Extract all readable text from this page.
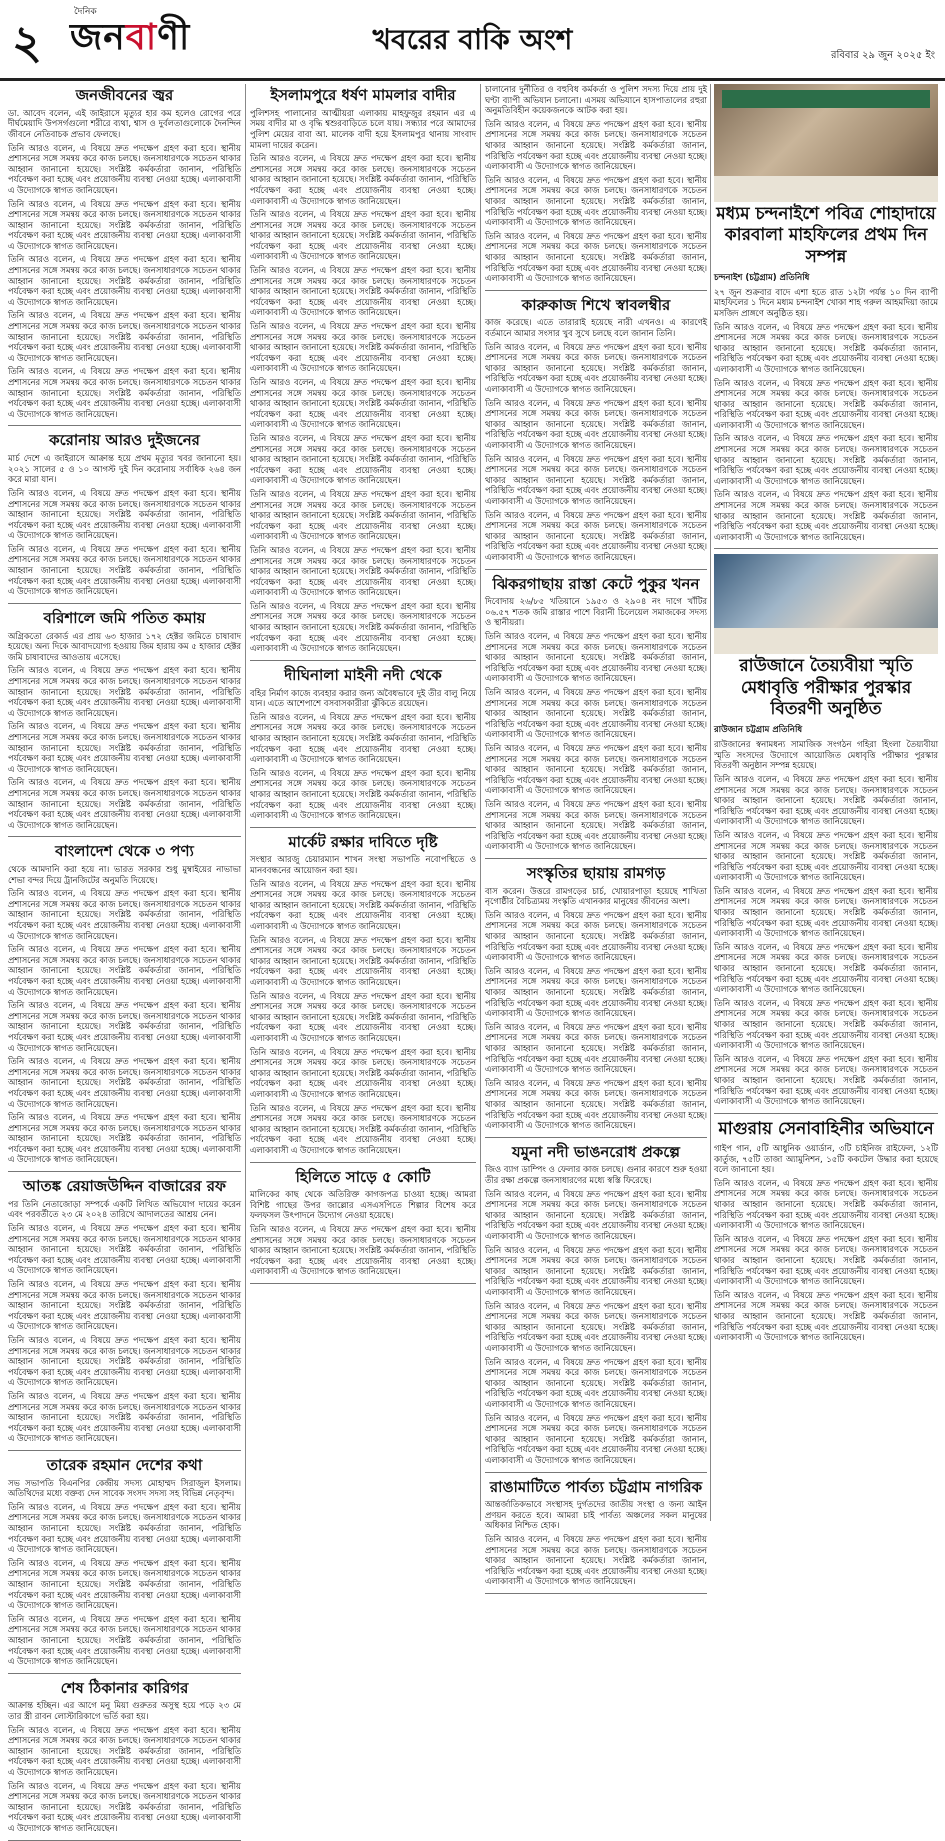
২
দৈনিক
জনবাণী	খবরের বাকি অংশ	রবিবার ২৯ জুন ২০২৫ ইং
জনজীবনের জ্বর

ডা. আবেদ বলেন, এই জাইরাসে মৃত্যুর হার কম হলেও রোগের পরে দীর্ঘমেয়াদি উপসর্গগুলো শরীরে ব্যথা, শ্বাস ও দুর্বলতাগুলোকে দৈনন্দিন জীবনে নেতিবাচক প্রভাব ফেলছে।

তিনি আরও বলেন, এ বিষয়ে দ্রুত পদক্ষেপ গ্রহণ করা হবে। স্থানীয় প্রশাসনের সঙ্গে সমন্বয় করে কাজ চলছে। জনসাধারণকে সচেতন থাকার আহ্বান জানানো হয়েছে। সংশ্লিষ্ট কর্মকর্তারা জানান, পরিস্থিতি পর্যবেক্ষণ করা হচ্ছে এবং প্রয়োজনীয় ব্যবস্থা নেওয়া হচ্ছে। এলাকাবাসী এ উদ্যোগকে স্বাগত জানিয়েছেন।

তিনি আরও বলেন, এ বিষয়ে দ্রুত পদক্ষেপ গ্রহণ করা হবে। স্থানীয় প্রশাসনের সঙ্গে সমন্বয় করে কাজ চলছে। জনসাধারণকে সচেতন থাকার আহ্বান জানানো হয়েছে। সংশ্লিষ্ট কর্মকর্তারা জানান, পরিস্থিতি পর্যবেক্ষণ করা হচ্ছে এবং প্রয়োজনীয় ব্যবস্থা নেওয়া হচ্ছে। এলাকাবাসী এ উদ্যোগকে স্বাগত জানিয়েছেন।

তিনি আরও বলেন, এ বিষয়ে দ্রুত পদক্ষেপ গ্রহণ করা হবে। স্থানীয় প্রশাসনের সঙ্গে সমন্বয় করে কাজ চলছে। জনসাধারণকে সচেতন থাকার আহ্বান জানানো হয়েছে। সংশ্লিষ্ট কর্মকর্তারা জানান, পরিস্থিতি পর্যবেক্ষণ করা হচ্ছে এবং প্রয়োজনীয় ব্যবস্থা নেওয়া হচ্ছে। এলাকাবাসী এ উদ্যোগকে স্বাগত জানিয়েছেন।

তিনি আরও বলেন, এ বিষয়ে দ্রুত পদক্ষেপ গ্রহণ করা হবে। স্থানীয় প্রশাসনের সঙ্গে সমন্বয় করে কাজ চলছে। জনসাধারণকে সচেতন থাকার আহ্বান জানানো হয়েছে। সংশ্লিষ্ট কর্মকর্তারা জানান, পরিস্থিতি পর্যবেক্ষণ করা হচ্ছে এবং প্রয়োজনীয় ব্যবস্থা নেওয়া হচ্ছে। এলাকাবাসী এ উদ্যোগকে স্বাগত জানিয়েছেন।

তিনি আরও বলেন, এ বিষয়ে দ্রুত পদক্ষেপ গ্রহণ করা হবে। স্থানীয় প্রশাসনের সঙ্গে সমন্বয় করে কাজ চলছে। জনসাধারণকে সচেতন থাকার আহ্বান জানানো হয়েছে। সংশ্লিষ্ট কর্মকর্তারা জানান, পরিস্থিতি পর্যবেক্ষণ করা হচ্ছে এবং প্রয়োজনীয় ব্যবস্থা নেওয়া হচ্ছে। এলাকাবাসী এ উদ্যোগকে স্বাগত জানিয়েছেন।

করোনায় আরও দুইজনের

মার্চ দেশে এ জাইরাসে আক্রান্ত হয়ে প্রথম মৃত্যুর খবর জানানো হয়। ২০২১ সালের ৫ ও ১০ আগস্ট দুই দিন করোনায় সর্বাধিক ২৬৪ জন করে মারা যান।

তিনি আরও বলেন, এ বিষয়ে দ্রুত পদক্ষেপ গ্রহণ করা হবে। স্থানীয় প্রশাসনের সঙ্গে সমন্বয় করে কাজ চলছে। জনসাধারণকে সচেতন থাকার আহ্বান জানানো হয়েছে। সংশ্লিষ্ট কর্মকর্তারা জানান, পরিস্থিতি পর্যবেক্ষণ করা হচ্ছে এবং প্রয়োজনীয় ব্যবস্থা নেওয়া হচ্ছে। এলাকাবাসী এ উদ্যোগকে স্বাগত জানিয়েছেন।

তিনি আরও বলেন, এ বিষয়ে দ্রুত পদক্ষেপ গ্রহণ করা হবে। স্থানীয় প্রশাসনের সঙ্গে সমন্বয় করে কাজ চলছে। জনসাধারণকে সচেতন থাকার আহ্বান জানানো হয়েছে। সংশ্লিষ্ট কর্মকর্তারা জানান, পরিস্থিতি পর্যবেক্ষণ করা হচ্ছে এবং প্রয়োজনীয় ব্যবস্থা নেওয়া হচ্ছে। এলাকাবাসী এ উদ্যোগকে স্বাগত জানিয়েছেন।

বরিশালে জমি পতিত কমায়

অগ্রিকতো রেকার্ড এর প্রায় ৬৩ হাজার ১৭২ হেক্টর জমিতে চাষাবাদ হয়েছে। অন্য দিকে আবাদযোগ্য হওয়ায় জিম হারায় কম ৫ হাজার হেক্টর জমি চাষাবাদের আওতায় এসেছে।

তিনি আরও বলেন, এ বিষয়ে দ্রুত পদক্ষেপ গ্রহণ করা হবে। স্থানীয় প্রশাসনের সঙ্গে সমন্বয় করে কাজ চলছে। জনসাধারণকে সচেতন থাকার আহ্বান জানানো হয়েছে। সংশ্লিষ্ট কর্মকর্তারা জানান, পরিস্থিতি পর্যবেক্ষণ করা হচ্ছে এবং প্রয়োজনীয় ব্যবস্থা নেওয়া হচ্ছে। এলাকাবাসী এ উদ্যোগকে স্বাগত জানিয়েছেন।

তিনি আরও বলেন, এ বিষয়ে দ্রুত পদক্ষেপ গ্রহণ করা হবে। স্থানীয় প্রশাসনের সঙ্গে সমন্বয় করে কাজ চলছে। জনসাধারণকে সচেতন থাকার আহ্বান জানানো হয়েছে। সংশ্লিষ্ট কর্মকর্তারা জানান, পরিস্থিতি পর্যবেক্ষণ করা হচ্ছে এবং প্রয়োজনীয় ব্যবস্থা নেওয়া হচ্ছে। এলাকাবাসী এ উদ্যোগকে স্বাগত জানিয়েছেন।

তিনি আরও বলেন, এ বিষয়ে দ্রুত পদক্ষেপ গ্রহণ করা হবে। স্থানীয় প্রশাসনের সঙ্গে সমন্বয় করে কাজ চলছে। জনসাধারণকে সচেতন থাকার আহ্বান জানানো হয়েছে। সংশ্লিষ্ট কর্মকর্তারা জানান, পরিস্থিতি পর্যবেক্ষণ করা হচ্ছে এবং প্রয়োজনীয় ব্যবস্থা নেওয়া হচ্ছে। এলাকাবাসী এ উদ্যোগকে স্বাগত জানিয়েছেন।

বাংলাদেশ থেকে ৩ পণ্য

থেকে আমদানি করা হয়ে না। ভারত সরকার শুধু মুম্বাইয়ের নাভাভা শেভা বন্দর দিয়ে ট্রানজিটের অনুমতি দিয়েছে।

তিনি আরও বলেন, এ বিষয়ে দ্রুত পদক্ষেপ গ্রহণ করা হবে। স্থানীয় প্রশাসনের সঙ্গে সমন্বয় করে কাজ চলছে। জনসাধারণকে সচেতন থাকার আহ্বান জানানো হয়েছে। সংশ্লিষ্ট কর্মকর্তারা জানান, পরিস্থিতি পর্যবেক্ষণ করা হচ্ছে এবং প্রয়োজনীয় ব্যবস্থা নেওয়া হচ্ছে। এলাকাবাসী এ উদ্যোগকে স্বাগত জানিয়েছেন।

তিনি আরও বলেন, এ বিষয়ে দ্রুত পদক্ষেপ গ্রহণ করা হবে। স্থানীয় প্রশাসনের সঙ্গে সমন্বয় করে কাজ চলছে। জনসাধারণকে সচেতন থাকার আহ্বান জানানো হয়েছে। সংশ্লিষ্ট কর্মকর্তারা জানান, পরিস্থিতি পর্যবেক্ষণ করা হচ্ছে এবং প্রয়োজনীয় ব্যবস্থা নেওয়া হচ্ছে। এলাকাবাসী এ উদ্যোগকে স্বাগত জানিয়েছেন।

তিনি আরও বলেন, এ বিষয়ে দ্রুত পদক্ষেপ গ্রহণ করা হবে। স্থানীয় প্রশাসনের সঙ্গে সমন্বয় করে কাজ চলছে। জনসাধারণকে সচেতন থাকার আহ্বান জানানো হয়েছে। সংশ্লিষ্ট কর্মকর্তারা জানান, পরিস্থিতি পর্যবেক্ষণ করা হচ্ছে এবং প্রয়োজনীয় ব্যবস্থা নেওয়া হচ্ছে। এলাকাবাসী এ উদ্যোগকে স্বাগত জানিয়েছেন।

তিনি আরও বলেন, এ বিষয়ে দ্রুত পদক্ষেপ গ্রহণ করা হবে। স্থানীয় প্রশাসনের সঙ্গে সমন্বয় করে কাজ চলছে। জনসাধারণকে সচেতন থাকার আহ্বান জানানো হয়েছে। সংশ্লিষ্ট কর্মকর্তারা জানান, পরিস্থিতি পর্যবেক্ষণ করা হচ্ছে এবং প্রয়োজনীয় ব্যবস্থা নেওয়া হচ্ছে। এলাকাবাসী এ উদ্যোগকে স্বাগত জানিয়েছেন।

তিনি আরও বলেন, এ বিষয়ে দ্রুত পদক্ষেপ গ্রহণ করা হবে। স্থানীয় প্রশাসনের সঙ্গে সমন্বয় করে কাজ চলছে। জনসাধারণকে সচেতন থাকার আহ্বান জানানো হয়েছে। সংশ্লিষ্ট কর্মকর্তারা জানান, পরিস্থিতি পর্যবেক্ষণ করা হচ্ছে এবং প্রয়োজনীয় ব্যবস্থা নেওয়া হচ্ছে। এলাকাবাসী এ উদ্যোগকে স্বাগত জানিয়েছেন।

আতঙ্ক রেয়াজউদ্দিন বাজারের রফ

পর তিনি নেতাজোড়া সম্পর্কে একটি লিখিত অভিযোগ দায়ের করেন এবং পরবর্তীতে ২৩ মে ২০২৪ তারিখে আদালতের আশ্রয় নেন।

তিনি আরও বলেন, এ বিষয়ে দ্রুত পদক্ষেপ গ্রহণ করা হবে। স্থানীয় প্রশাসনের সঙ্গে সমন্বয় করে কাজ চলছে। জনসাধারণকে সচেতন থাকার আহ্বান জানানো হয়েছে। সংশ্লিষ্ট কর্মকর্তারা জানান, পরিস্থিতি পর্যবেক্ষণ করা হচ্ছে এবং প্রয়োজনীয় ব্যবস্থা নেওয়া হচ্ছে। এলাকাবাসী এ উদ্যোগকে স্বাগত জানিয়েছেন।

তিনি আরও বলেন, এ বিষয়ে দ্রুত পদক্ষেপ গ্রহণ করা হবে। স্থানীয় প্রশাসনের সঙ্গে সমন্বয় করে কাজ চলছে। জনসাধারণকে সচেতন থাকার আহ্বান জানানো হয়েছে। সংশ্লিষ্ট কর্মকর্তারা জানান, পরিস্থিতি পর্যবেক্ষণ করা হচ্ছে এবং প্রয়োজনীয় ব্যবস্থা নেওয়া হচ্ছে। এলাকাবাসী এ উদ্যোগকে স্বাগত জানিয়েছেন।

তিনি আরও বলেন, এ বিষয়ে দ্রুত পদক্ষেপ গ্রহণ করা হবে। স্থানীয় প্রশাসনের সঙ্গে সমন্বয় করে কাজ চলছে। জনসাধারণকে সচেতন থাকার আহ্বান জানানো হয়েছে। সংশ্লিষ্ট কর্মকর্তারা জানান, পরিস্থিতি পর্যবেক্ষণ করা হচ্ছে এবং প্রয়োজনীয় ব্যবস্থা নেওয়া হচ্ছে। এলাকাবাসী এ উদ্যোগকে স্বাগত জানিয়েছেন।

তিনি আরও বলেন, এ বিষয়ে দ্রুত পদক্ষেপ গ্রহণ করা হবে। স্থানীয় প্রশাসনের সঙ্গে সমন্বয় করে কাজ চলছে। জনসাধারণকে সচেতন থাকার আহ্বান জানানো হয়েছে। সংশ্লিষ্ট কর্মকর্তারা জানান, পরিস্থিতি পর্যবেক্ষণ করা হচ্ছে এবং প্রয়োজনীয় ব্যবস্থা নেওয়া হচ্ছে। এলাকাবাসী এ উদ্যোগকে স্বাগত জানিয়েছেন।

তারেক রহমান দেশের কথা

সভ সভাপতি বিএনপির কেন্দ্রীয় সদস্য মোহাম্মদ সিরাজুল ইসলাম। অতিথিদের মধ্যে বক্তব্য দেন সাবেক সংসদ সদস্য সহ বিভিন্ন নেতৃবৃন্দ।

তিনি আরও বলেন, এ বিষয়ে দ্রুত পদক্ষেপ গ্রহণ করা হবে। স্থানীয় প্রশাসনের সঙ্গে সমন্বয় করে কাজ চলছে। জনসাধারণকে সচেতন থাকার আহ্বান জানানো হয়েছে। সংশ্লিষ্ট কর্মকর্তারা জানান, পরিস্থিতি পর্যবেক্ষণ করা হচ্ছে এবং প্রয়োজনীয় ব্যবস্থা নেওয়া হচ্ছে। এলাকাবাসী এ উদ্যোগকে স্বাগত জানিয়েছেন।

তিনি আরও বলেন, এ বিষয়ে দ্রুত পদক্ষেপ গ্রহণ করা হবে। স্থানীয় প্রশাসনের সঙ্গে সমন্বয় করে কাজ চলছে। জনসাধারণকে সচেতন থাকার আহ্বান জানানো হয়েছে। সংশ্লিষ্ট কর্মকর্তারা জানান, পরিস্থিতি পর্যবেক্ষণ করা হচ্ছে এবং প্রয়োজনীয় ব্যবস্থা নেওয়া হচ্ছে। এলাকাবাসী এ উদ্যোগকে স্বাগত জানিয়েছেন।

তিনি আরও বলেন, এ বিষয়ে দ্রুত পদক্ষেপ গ্রহণ করা হবে। স্থানীয় প্রশাসনের সঙ্গে সমন্বয় করে কাজ চলছে। জনসাধারণকে সচেতন থাকার আহ্বান জানানো হয়েছে। সংশ্লিষ্ট কর্মকর্তারা জানান, পরিস্থিতি পর্যবেক্ষণ করা হচ্ছে এবং প্রয়োজনীয় ব্যবস্থা নেওয়া হচ্ছে। এলাকাবাসী এ উদ্যোগকে স্বাগত জানিয়েছেন।

শেষ ঠিকানার কারিগর

আক্রান্ত হচ্ছিন। এর আগে মনু মিয়া গুরুতর অসুস্থ হয়ে পড়ে ২৩ মে তার স্ত্রী রাবন লোস্টারিকাগে ভর্তি করা হয়।

তিনি আরও বলেন, এ বিষয়ে দ্রুত পদক্ষেপ গ্রহণ করা হবে। স্থানীয় প্রশাসনের সঙ্গে সমন্বয় করে কাজ চলছে। জনসাধারণকে সচেতন থাকার আহ্বান জানানো হয়েছে। সংশ্লিষ্ট কর্মকর্তারা জানান, পরিস্থিতি পর্যবেক্ষণ করা হচ্ছে এবং প্রয়োজনীয় ব্যবস্থা নেওয়া হচ্ছে। এলাকাবাসী এ উদ্যোগকে স্বাগত জানিয়েছেন।

তিনি আরও বলেন, এ বিষয়ে দ্রুত পদক্ষেপ গ্রহণ করা হবে। স্থানীয় প্রশাসনের সঙ্গে সমন্বয় করে কাজ চলছে। জনসাধারণকে সচেতন থাকার আহ্বান জানানো হয়েছে। সংশ্লিষ্ট কর্মকর্তারা জানান, পরিস্থিতি পর্যবেক্ষণ করা হচ্ছে এবং প্রয়োজনীয় ব্যবস্থা নেওয়া হচ্ছে। এলাকাবাসী এ উদ্যোগকে স্বাগত জানিয়েছেন।

ইসলামপুরে ধর্ষণ মামলার বাদীর

পুলিশসহ পালানোর আত্মীয়রা এলাকায় মাহফুজুর রহমান এর এ সময় বাদীর মা ও বৃদ্ধি শ্বশুরবাড়িতে চলে যায়। সন্ধ্যার পরে আমাদের পুলিশ মেয়ের বাবা আ. মালেক বাদী হয়ে ইসলামপুর থানায় সাংবাদ মামলা দায়ের করেন।

তিনি আরও বলেন, এ বিষয়ে দ্রুত পদক্ষেপ গ্রহণ করা হবে। স্থানীয় প্রশাসনের সঙ্গে সমন্বয় করে কাজ চলছে। জনসাধারণকে সচেতন থাকার আহ্বান জানানো হয়েছে। সংশ্লিষ্ট কর্মকর্তারা জানান, পরিস্থিতি পর্যবেক্ষণ করা হচ্ছে এবং প্রয়োজনীয় ব্যবস্থা নেওয়া হচ্ছে। এলাকাবাসী এ উদ্যোগকে স্বাগত জানিয়েছেন।

তিনি আরও বলেন, এ বিষয়ে দ্রুত পদক্ষেপ গ্রহণ করা হবে। স্থানীয় প্রশাসনের সঙ্গে সমন্বয় করে কাজ চলছে। জনসাধারণকে সচেতন থাকার আহ্বান জানানো হয়েছে। সংশ্লিষ্ট কর্মকর্তারা জানান, পরিস্থিতি পর্যবেক্ষণ করা হচ্ছে এবং প্রয়োজনীয় ব্যবস্থা নেওয়া হচ্ছে। এলাকাবাসী এ উদ্যোগকে স্বাগত জানিয়েছেন।

তিনি আরও বলেন, এ বিষয়ে দ্রুত পদক্ষেপ গ্রহণ করা হবে। স্থানীয় প্রশাসনের সঙ্গে সমন্বয় করে কাজ চলছে। জনসাধারণকে সচেতন থাকার আহ্বান জানানো হয়েছে। সংশ্লিষ্ট কর্মকর্তারা জানান, পরিস্থিতি পর্যবেক্ষণ করা হচ্ছে এবং প্রয়োজনীয় ব্যবস্থা নেওয়া হচ্ছে। এলাকাবাসী এ উদ্যোগকে স্বাগত জানিয়েছেন।

তিনি আরও বলেন, এ বিষয়ে দ্রুত পদক্ষেপ গ্রহণ করা হবে। স্থানীয় প্রশাসনের সঙ্গে সমন্বয় করে কাজ চলছে। জনসাধারণকে সচেতন থাকার আহ্বান জানানো হয়েছে। সংশ্লিষ্ট কর্মকর্তারা জানান, পরিস্থিতি পর্যবেক্ষণ করা হচ্ছে এবং প্রয়োজনীয় ব্যবস্থা নেওয়া হচ্ছে। এলাকাবাসী এ উদ্যোগকে স্বাগত জানিয়েছেন।

তিনি আরও বলেন, এ বিষয়ে দ্রুত পদক্ষেপ গ্রহণ করা হবে। স্থানীয় প্রশাসনের সঙ্গে সমন্বয় করে কাজ চলছে। জনসাধারণকে সচেতন থাকার আহ্বান জানানো হয়েছে। সংশ্লিষ্ট কর্মকর্তারা জানান, পরিস্থিতি পর্যবেক্ষণ করা হচ্ছে এবং প্রয়োজনীয় ব্যবস্থা নেওয়া হচ্ছে। এলাকাবাসী এ উদ্যোগকে স্বাগত জানিয়েছেন।

তিনি আরও বলেন, এ বিষয়ে দ্রুত পদক্ষেপ গ্রহণ করা হবে। স্থানীয় প্রশাসনের সঙ্গে সমন্বয় করে কাজ চলছে। জনসাধারণকে সচেতন থাকার আহ্বান জানানো হয়েছে। সংশ্লিষ্ট কর্মকর্তারা জানান, পরিস্থিতি পর্যবেক্ষণ করা হচ্ছে এবং প্রয়োজনীয় ব্যবস্থা নেওয়া হচ্ছে। এলাকাবাসী এ উদ্যোগকে স্বাগত জানিয়েছেন।

তিনি আরও বলেন, এ বিষয়ে দ্রুত পদক্ষেপ গ্রহণ করা হবে। স্থানীয় প্রশাসনের সঙ্গে সমন্বয় করে কাজ চলছে। জনসাধারণকে সচেতন থাকার আহ্বান জানানো হয়েছে। সংশ্লিষ্ট কর্মকর্তারা জানান, পরিস্থিতি পর্যবেক্ষণ করা হচ্ছে এবং প্রয়োজনীয় ব্যবস্থা নেওয়া হচ্ছে। এলাকাবাসী এ উদ্যোগকে স্বাগত জানিয়েছেন।

তিনি আরও বলেন, এ বিষয়ে দ্রুত পদক্ষেপ গ্রহণ করা হবে। স্থানীয় প্রশাসনের সঙ্গে সমন্বয় করে কাজ চলছে। জনসাধারণকে সচেতন থাকার আহ্বান জানানো হয়েছে। সংশ্লিষ্ট কর্মকর্তারা জানান, পরিস্থিতি পর্যবেক্ষণ করা হচ্ছে এবং প্রয়োজনীয় ব্যবস্থা নেওয়া হচ্ছে। এলাকাবাসী এ উদ্যোগকে স্বাগত জানিয়েছেন।

তিনি আরও বলেন, এ বিষয়ে দ্রুত পদক্ষেপ গ্রহণ করা হবে। স্থানীয় প্রশাসনের সঙ্গে সমন্বয় করে কাজ চলছে। জনসাধারণকে সচেতন থাকার আহ্বান জানানো হয়েছে। সংশ্লিষ্ট কর্মকর্তারা জানান, পরিস্থিতি পর্যবেক্ষণ করা হচ্ছে এবং প্রয়োজনীয় ব্যবস্থা নেওয়া হচ্ছে। এলাকাবাসী এ উদ্যোগকে স্বাগত জানিয়েছেন।

দীঘিনালা মাইনী নদী থেকে

বহির নির্মাণ কাজে ব্যবহার করার জন্য অবৈধভাবে দুই তীর বালু নিয়ে যান। এতে আশেপাশে বসবাসকারীরা ঝুঁকিতে রয়েছেন।

তিনি আরও বলেন, এ বিষয়ে দ্রুত পদক্ষেপ গ্রহণ করা হবে। স্থানীয় প্রশাসনের সঙ্গে সমন্বয় করে কাজ চলছে। জনসাধারণকে সচেতন থাকার আহ্বান জানানো হয়েছে। সংশ্লিষ্ট কর্মকর্তারা জানান, পরিস্থিতি পর্যবেক্ষণ করা হচ্ছে এবং প্রয়োজনীয় ব্যবস্থা নেওয়া হচ্ছে। এলাকাবাসী এ উদ্যোগকে স্বাগত জানিয়েছেন।

তিনি আরও বলেন, এ বিষয়ে দ্রুত পদক্ষেপ গ্রহণ করা হবে। স্থানীয় প্রশাসনের সঙ্গে সমন্বয় করে কাজ চলছে। জনসাধারণকে সচেতন থাকার আহ্বান জানানো হয়েছে। সংশ্লিষ্ট কর্মকর্তারা জানান, পরিস্থিতি পর্যবেক্ষণ করা হচ্ছে এবং প্রয়োজনীয় ব্যবস্থা নেওয়া হচ্ছে। এলাকাবাসী এ উদ্যোগকে স্বাগত জানিয়েছেন।

মার্কেট রক্ষার দাবিতে দৃষ্টি

সংস্থার আরজু চেয়ারম্যান শাখন সংস্থা সভাপতি নবোপস্থিতে ও মানববন্ধনের আয়োজন করা হয়।

তিনি আরও বলেন, এ বিষয়ে দ্রুত পদক্ষেপ গ্রহণ করা হবে। স্থানীয় প্রশাসনের সঙ্গে সমন্বয় করে কাজ চলছে। জনসাধারণকে সচেতন থাকার আহ্বান জানানো হয়েছে। সংশ্লিষ্ট কর্মকর্তারা জানান, পরিস্থিতি পর্যবেক্ষণ করা হচ্ছে এবং প্রয়োজনীয় ব্যবস্থা নেওয়া হচ্ছে। এলাকাবাসী এ উদ্যোগকে স্বাগত জানিয়েছেন।

তিনি আরও বলেন, এ বিষয়ে দ্রুত পদক্ষেপ গ্রহণ করা হবে। স্থানীয় প্রশাসনের সঙ্গে সমন্বয় করে কাজ চলছে। জনসাধারণকে সচেতন থাকার আহ্বান জানানো হয়েছে। সংশ্লিষ্ট কর্মকর্তারা জানান, পরিস্থিতি পর্যবেক্ষণ করা হচ্ছে এবং প্রয়োজনীয় ব্যবস্থা নেওয়া হচ্ছে। এলাকাবাসী এ উদ্যোগকে স্বাগত জানিয়েছেন।

তিনি আরও বলেন, এ বিষয়ে দ্রুত পদক্ষেপ গ্রহণ করা হবে। স্থানীয় প্রশাসনের সঙ্গে সমন্বয় করে কাজ চলছে। জনসাধারণকে সচেতন থাকার আহ্বান জানানো হয়েছে। সংশ্লিষ্ট কর্মকর্তারা জানান, পরিস্থিতি পর্যবেক্ষণ করা হচ্ছে এবং প্রয়োজনীয় ব্যবস্থা নেওয়া হচ্ছে। এলাকাবাসী এ উদ্যোগকে স্বাগত জানিয়েছেন।

তিনি আরও বলেন, এ বিষয়ে দ্রুত পদক্ষেপ গ্রহণ করা হবে। স্থানীয় প্রশাসনের সঙ্গে সমন্বয় করে কাজ চলছে। জনসাধারণকে সচেতন থাকার আহ্বান জানানো হয়েছে। সংশ্লিষ্ট কর্মকর্তারা জানান, পরিস্থিতি পর্যবেক্ষণ করা হচ্ছে এবং প্রয়োজনীয় ব্যবস্থা নেওয়া হচ্ছে। এলাকাবাসী এ উদ্যোগকে স্বাগত জানিয়েছেন।

তিনি আরও বলেন, এ বিষয়ে দ্রুত পদক্ষেপ গ্রহণ করা হবে। স্থানীয় প্রশাসনের সঙ্গে সমন্বয় করে কাজ চলছে। জনসাধারণকে সচেতন থাকার আহ্বান জানানো হয়েছে। সংশ্লিষ্ট কর্মকর্তারা জানান, পরিস্থিতি পর্যবেক্ষণ করা হচ্ছে এবং প্রয়োজনীয় ব্যবস্থা নেওয়া হচ্ছে। এলাকাবাসী এ উদ্যোগকে স্বাগত জানিয়েছেন।

হিলিতে সাড়ে ৫ কোটি

মালিকের কাছ থেকে অতিরিক্ত কাগজপত্র চাওয়া হচ্ছে। আমরা বিশিষ্ট গাছের উপর জাল্লোর এসএসপিতে শিল্পার বিশেষ করে ফলফসল উৎপাদনে উদ্যোগ নেওয়া হয়েছে।

তিনি আরও বলেন, এ বিষয়ে দ্রুত পদক্ষেপ গ্রহণ করা হবে। স্থানীয় প্রশাসনের সঙ্গে সমন্বয় করে কাজ চলছে। জনসাধারণকে সচেতন থাকার আহ্বান জানানো হয়েছে। সংশ্লিষ্ট কর্মকর্তারা জানান, পরিস্থিতি পর্যবেক্ষণ করা হচ্ছে এবং প্রয়োজনীয় ব্যবস্থা নেওয়া হচ্ছে। এলাকাবাসী এ উদ্যোগকে স্বাগত জানিয়েছেন।

চালানোর দুর্নীতির ও বহুবিধ কর্মকর্তা ও পুলিশ সদস্য দিয়ে প্রায় দুই ঘণ্টা ব্যাপী অভিযান চলানো। এসময় অভিযানে হাসপাতালের রহুরা অনুমতিবিহীন কয়েকজনকে আটক করা হয়।

তিনি আরও বলেন, এ বিষয়ে দ্রুত পদক্ষেপ গ্রহণ করা হবে। স্থানীয় প্রশাসনের সঙ্গে সমন্বয় করে কাজ চলছে। জনসাধারণকে সচেতন থাকার আহ্বান জানানো হয়েছে। সংশ্লিষ্ট কর্মকর্তারা জানান, পরিস্থিতি পর্যবেক্ষণ করা হচ্ছে এবং প্রয়োজনীয় ব্যবস্থা নেওয়া হচ্ছে। এলাকাবাসী এ উদ্যোগকে স্বাগত জানিয়েছেন।

তিনি আরও বলেন, এ বিষয়ে দ্রুত পদক্ষেপ গ্রহণ করা হবে। স্থানীয় প্রশাসনের সঙ্গে সমন্বয় করে কাজ চলছে। জনসাধারণকে সচেতন থাকার আহ্বান জানানো হয়েছে। সংশ্লিষ্ট কর্মকর্তারা জানান, পরিস্থিতি পর্যবেক্ষণ করা হচ্ছে এবং প্রয়োজনীয় ব্যবস্থা নেওয়া হচ্ছে। এলাকাবাসী এ উদ্যোগকে স্বাগত জানিয়েছেন।

তিনি আরও বলেন, এ বিষয়ে দ্রুত পদক্ষেপ গ্রহণ করা হবে। স্থানীয় প্রশাসনের সঙ্গে সমন্বয় করে কাজ চলছে। জনসাধারণকে সচেতন থাকার আহ্বান জানানো হয়েছে। সংশ্লিষ্ট কর্মকর্তারা জানান, পরিস্থিতি পর্যবেক্ষণ করা হচ্ছে এবং প্রয়োজনীয় ব্যবস্থা নেওয়া হচ্ছে। এলাকাবাসী এ উদ্যোগকে স্বাগত জানিয়েছেন।

কারুকাজ শিখে স্বাবলম্বীর

কাজ করেছে। এতে তারারাই হয়েছে নারী এখনও। এ কারণেই বর্তমানে আমার সংসার খুব সুখে চলছে বলে জানান তিনি।

তিনি আরও বলেন, এ বিষয়ে দ্রুত পদক্ষেপ গ্রহণ করা হবে। স্থানীয় প্রশাসনের সঙ্গে সমন্বয় করে কাজ চলছে। জনসাধারণকে সচেতন থাকার আহ্বান জানানো হয়েছে। সংশ্লিষ্ট কর্মকর্তারা জানান, পরিস্থিতি পর্যবেক্ষণ করা হচ্ছে এবং প্রয়োজনীয় ব্যবস্থা নেওয়া হচ্ছে। এলাকাবাসী এ উদ্যোগকে স্বাগত জানিয়েছেন।

তিনি আরও বলেন, এ বিষয়ে দ্রুত পদক্ষেপ গ্রহণ করা হবে। স্থানীয় প্রশাসনের সঙ্গে সমন্বয় করে কাজ চলছে। জনসাধারণকে সচেতন থাকার আহ্বান জানানো হয়েছে। সংশ্লিষ্ট কর্মকর্তারা জানান, পরিস্থিতি পর্যবেক্ষণ করা হচ্ছে এবং প্রয়োজনীয় ব্যবস্থা নেওয়া হচ্ছে। এলাকাবাসী এ উদ্যোগকে স্বাগত জানিয়েছেন।

তিনি আরও বলেন, এ বিষয়ে দ্রুত পদক্ষেপ গ্রহণ করা হবে। স্থানীয় প্রশাসনের সঙ্গে সমন্বয় করে কাজ চলছে। জনসাধারণকে সচেতন থাকার আহ্বান জানানো হয়েছে। সংশ্লিষ্ট কর্মকর্তারা জানান, পরিস্থিতি পর্যবেক্ষণ করা হচ্ছে এবং প্রয়োজনীয় ব্যবস্থা নেওয়া হচ্ছে। এলাকাবাসী এ উদ্যোগকে স্বাগত জানিয়েছেন।

তিনি আরও বলেন, এ বিষয়ে দ্রুত পদক্ষেপ গ্রহণ করা হবে। স্থানীয় প্রশাসনের সঙ্গে সমন্বয় করে কাজ চলছে। জনসাধারণকে সচেতন থাকার আহ্বান জানানো হয়েছে। সংশ্লিষ্ট কর্মকর্তারা জানান, পরিস্থিতি পর্যবেক্ষণ করা হচ্ছে এবং প্রয়োজনীয় ব্যবস্থা নেওয়া হচ্ছে। এলাকাবাসী এ উদ্যোগকে স্বাগত জানিয়েছেন।

ঝিকরগাছায় রাস্তা কেটে পুকুর খনন

দিবোদায় ২৬/৮৫ খতিয়ানে ১৯৫৩ ও ২৯০৪ নং দাগে খাঁটির ০৬.৫৭ শতক জমি রাস্তার পাশে বিরানী চিলেয়েল সমাজকের সদস্য ও স্থানীয়রা।

তিনি আরও বলেন, এ বিষয়ে দ্রুত পদক্ষেপ গ্রহণ করা হবে। স্থানীয় প্রশাসনের সঙ্গে সমন্বয় করে কাজ চলছে। জনসাধারণকে সচেতন থাকার আহ্বান জানানো হয়েছে। সংশ্লিষ্ট কর্মকর্তারা জানান, পরিস্থিতি পর্যবেক্ষণ করা হচ্ছে এবং প্রয়োজনীয় ব্যবস্থা নেওয়া হচ্ছে। এলাকাবাসী এ উদ্যোগকে স্বাগত জানিয়েছেন।

তিনি আরও বলেন, এ বিষয়ে দ্রুত পদক্ষেপ গ্রহণ করা হবে। স্থানীয় প্রশাসনের সঙ্গে সমন্বয় করে কাজ চলছে। জনসাধারণকে সচেতন থাকার আহ্বান জানানো হয়েছে। সংশ্লিষ্ট কর্মকর্তারা জানান, পরিস্থিতি পর্যবেক্ষণ করা হচ্ছে এবং প্রয়োজনীয় ব্যবস্থা নেওয়া হচ্ছে। এলাকাবাসী এ উদ্যোগকে স্বাগত জানিয়েছেন।

তিনি আরও বলেন, এ বিষয়ে দ্রুত পদক্ষেপ গ্রহণ করা হবে। স্থানীয় প্রশাসনের সঙ্গে সমন্বয় করে কাজ চলছে। জনসাধারণকে সচেতন থাকার আহ্বান জানানো হয়েছে। সংশ্লিষ্ট কর্মকর্তারা জানান, পরিস্থিতি পর্যবেক্ষণ করা হচ্ছে এবং প্রয়োজনীয় ব্যবস্থা নেওয়া হচ্ছে। এলাকাবাসী এ উদ্যোগকে স্বাগত জানিয়েছেন।

তিনি আরও বলেন, এ বিষয়ে দ্রুত পদক্ষেপ গ্রহণ করা হবে। স্থানীয় প্রশাসনের সঙ্গে সমন্বয় করে কাজ চলছে। জনসাধারণকে সচেতন থাকার আহ্বান জানানো হয়েছে। সংশ্লিষ্ট কর্মকর্তারা জানান, পরিস্থিতি পর্যবেক্ষণ করা হচ্ছে এবং প্রয়োজনীয় ব্যবস্থা নেওয়া হচ্ছে। এলাকাবাসী এ উদ্যোগকে স্বাগত জানিয়েছেন।

সংস্কৃতির ছায়ায় রামগড়

বাস করেন। উত্তরে রামগড়ের চার্চ, খোয়ারপাড়া হয়েছে শাখিতা নৃগোষ্ঠীর বৈচিত্র্যময় সংস্কৃতি এখানকার মানুষের জীবনের অংশ।

তিনি আরও বলেন, এ বিষয়ে দ্রুত পদক্ষেপ গ্রহণ করা হবে। স্থানীয় প্রশাসনের সঙ্গে সমন্বয় করে কাজ চলছে। জনসাধারণকে সচেতন থাকার আহ্বান জানানো হয়েছে। সংশ্লিষ্ট কর্মকর্তারা জানান, পরিস্থিতি পর্যবেক্ষণ করা হচ্ছে এবং প্রয়োজনীয় ব্যবস্থা নেওয়া হচ্ছে। এলাকাবাসী এ উদ্যোগকে স্বাগত জানিয়েছেন।

তিনি আরও বলেন, এ বিষয়ে দ্রুত পদক্ষেপ গ্রহণ করা হবে। স্থানীয় প্রশাসনের সঙ্গে সমন্বয় করে কাজ চলছে। জনসাধারণকে সচেতন থাকার আহ্বান জানানো হয়েছে। সংশ্লিষ্ট কর্মকর্তারা জানান, পরিস্থিতি পর্যবেক্ষণ করা হচ্ছে এবং প্রয়োজনীয় ব্যবস্থা নেওয়া হচ্ছে। এলাকাবাসী এ উদ্যোগকে স্বাগত জানিয়েছেন।

তিনি আরও বলেন, এ বিষয়ে দ্রুত পদক্ষেপ গ্রহণ করা হবে। স্থানীয় প্রশাসনের সঙ্গে সমন্বয় করে কাজ চলছে। জনসাধারণকে সচেতন থাকার আহ্বান জানানো হয়েছে। সংশ্লিষ্ট কর্মকর্তারা জানান, পরিস্থিতি পর্যবেক্ষণ করা হচ্ছে এবং প্রয়োজনীয় ব্যবস্থা নেওয়া হচ্ছে। এলাকাবাসী এ উদ্যোগকে স্বাগত জানিয়েছেন।

তিনি আরও বলেন, এ বিষয়ে দ্রুত পদক্ষেপ গ্রহণ করা হবে। স্থানীয় প্রশাসনের সঙ্গে সমন্বয় করে কাজ চলছে। জনসাধারণকে সচেতন থাকার আহ্বান জানানো হয়েছে। সংশ্লিষ্ট কর্মকর্তারা জানান, পরিস্থিতি পর্যবেক্ষণ করা হচ্ছে এবং প্রয়োজনীয় ব্যবস্থা নেওয়া হচ্ছে। এলাকাবাসী এ উদ্যোগকে স্বাগত জানিয়েছেন।

যমুনা নদী ভাঙনরোধ প্রকল্পে

জিও ব্যাগ ডাম্পিং ও ফেলার কাজ চলছে। গুনার কারণে শুরু হওয়া তীর রক্ষা প্রকল্পে জনসাধারণের মধ্যে স্বস্তি ফিরেছে।

তিনি আরও বলেন, এ বিষয়ে দ্রুত পদক্ষেপ গ্রহণ করা হবে। স্থানীয় প্রশাসনের সঙ্গে সমন্বয় করে কাজ চলছে। জনসাধারণকে সচেতন থাকার আহ্বান জানানো হয়েছে। সংশ্লিষ্ট কর্মকর্তারা জানান, পরিস্থিতি পর্যবেক্ষণ করা হচ্ছে এবং প্রয়োজনীয় ব্যবস্থা নেওয়া হচ্ছে। এলাকাবাসী এ উদ্যোগকে স্বাগত জানিয়েছেন।

তিনি আরও বলেন, এ বিষয়ে দ্রুত পদক্ষেপ গ্রহণ করা হবে। স্থানীয় প্রশাসনের সঙ্গে সমন্বয় করে কাজ চলছে। জনসাধারণকে সচেতন থাকার আহ্বান জানানো হয়েছে। সংশ্লিষ্ট কর্মকর্তারা জানান, পরিস্থিতি পর্যবেক্ষণ করা হচ্ছে এবং প্রয়োজনীয় ব্যবস্থা নেওয়া হচ্ছে। এলাকাবাসী এ উদ্যোগকে স্বাগত জানিয়েছেন।

তিনি আরও বলেন, এ বিষয়ে দ্রুত পদক্ষেপ গ্রহণ করা হবে। স্থানীয় প্রশাসনের সঙ্গে সমন্বয় করে কাজ চলছে। জনসাধারণকে সচেতন থাকার আহ্বান জানানো হয়েছে। সংশ্লিষ্ট কর্মকর্তারা জানান, পরিস্থিতি পর্যবেক্ষণ করা হচ্ছে এবং প্রয়োজনীয় ব্যবস্থা নেওয়া হচ্ছে। এলাকাবাসী এ উদ্যোগকে স্বাগত জানিয়েছেন।

তিনি আরও বলেন, এ বিষয়ে দ্রুত পদক্ষেপ গ্রহণ করা হবে। স্থানীয় প্রশাসনের সঙ্গে সমন্বয় করে কাজ চলছে। জনসাধারণকে সচেতন থাকার আহ্বান জানানো হয়েছে। সংশ্লিষ্ট কর্মকর্তারা জানান, পরিস্থিতি পর্যবেক্ষণ করা হচ্ছে এবং প্রয়োজনীয় ব্যবস্থা নেওয়া হচ্ছে। এলাকাবাসী এ উদ্যোগকে স্বাগত জানিয়েছেন।

তিনি আরও বলেন, এ বিষয়ে দ্রুত পদক্ষেপ গ্রহণ করা হবে। স্থানীয় প্রশাসনের সঙ্গে সমন্বয় করে কাজ চলছে। জনসাধারণকে সচেতন থাকার আহ্বান জানানো হয়েছে। সংশ্লিষ্ট কর্মকর্তারা জানান, পরিস্থিতি পর্যবেক্ষণ করা হচ্ছে এবং প্রয়োজনীয় ব্যবস্থা নেওয়া হচ্ছে। এলাকাবাসী এ উদ্যোগকে স্বাগত জানিয়েছেন।

রাঙামাটিতে পার্বত্য চট্টগ্রাম নাগরিক

আন্তর্জাতিকভাবে সংস্থাসহ দুর্গতদের জাতীয় সংস্থা ও জন্য আইন প্রণয়ন করতে হবে। আমরা চাই পার্বত্য অঞ্চলের সকল মানুষের অধিকার নিশ্চিত হোক।

তিনি আরও বলেন, এ বিষয়ে দ্রুত পদক্ষেপ গ্রহণ করা হবে। স্থানীয় প্রশাসনের সঙ্গে সমন্বয় করে কাজ চলছে। জনসাধারণকে সচেতন থাকার আহ্বান জানানো হয়েছে। সংশ্লিষ্ট কর্মকর্তারা জানান, পরিস্থিতি পর্যবেক্ষণ করা হচ্ছে এবং প্রয়োজনীয় ব্যবস্থা নেওয়া হচ্ছে। এলাকাবাসী এ উদ্যোগকে স্বাগত জানিয়েছেন।

মধ্যম চন্দনাইশে পবিত্র শোহাদায়ে কারবালা মাহফিলের প্রথম দিন সম্পন্ন
চন্দনাইশ (চট্টগ্রাম) প্রতিনিধি

২৭ জুন শুক্রবার বাদে এশা হতে রাত ১২টা পর্যন্ত ১০ দিন ব্যাপী মাহফিলের ১ দিনে মধ্যম চন্দনাইশ খোকা শাহ গরুল আহমদিয়া জামে মসজিদ প্রাঙ্গণে অনুষ্ঠিত হয়।

তিনি আরও বলেন, এ বিষয়ে দ্রুত পদক্ষেপ গ্রহণ করা হবে। স্থানীয় প্রশাসনের সঙ্গে সমন্বয় করে কাজ চলছে। জনসাধারণকে সচেতন থাকার আহ্বান জানানো হয়েছে। সংশ্লিষ্ট কর্মকর্তারা জানান, পরিস্থিতি পর্যবেক্ষণ করা হচ্ছে এবং প্রয়োজনীয় ব্যবস্থা নেওয়া হচ্ছে। এলাকাবাসী এ উদ্যোগকে স্বাগত জানিয়েছেন।

তিনি আরও বলেন, এ বিষয়ে দ্রুত পদক্ষেপ গ্রহণ করা হবে। স্থানীয় প্রশাসনের সঙ্গে সমন্বয় করে কাজ চলছে। জনসাধারণকে সচেতন থাকার আহ্বান জানানো হয়েছে। সংশ্লিষ্ট কর্মকর্তারা জানান, পরিস্থিতি পর্যবেক্ষণ করা হচ্ছে এবং প্রয়োজনীয় ব্যবস্থা নেওয়া হচ্ছে। এলাকাবাসী এ উদ্যোগকে স্বাগত জানিয়েছেন।

তিনি আরও বলেন, এ বিষয়ে দ্রুত পদক্ষেপ গ্রহণ করা হবে। স্থানীয় প্রশাসনের সঙ্গে সমন্বয় করে কাজ চলছে। জনসাধারণকে সচেতন থাকার আহ্বান জানানো হয়েছে। সংশ্লিষ্ট কর্মকর্তারা জানান, পরিস্থিতি পর্যবেক্ষণ করা হচ্ছে এবং প্রয়োজনীয় ব্যবস্থা নেওয়া হচ্ছে। এলাকাবাসী এ উদ্যোগকে স্বাগত জানিয়েছেন।

তিনি আরও বলেন, এ বিষয়ে দ্রুত পদক্ষেপ গ্রহণ করা হবে। স্থানীয় প্রশাসনের সঙ্গে সমন্বয় করে কাজ চলছে। জনসাধারণকে সচেতন থাকার আহ্বান জানানো হয়েছে। সংশ্লিষ্ট কর্মকর্তারা জানান, পরিস্থিতি পর্যবেক্ষণ করা হচ্ছে এবং প্রয়োজনীয় ব্যবস্থা নেওয়া হচ্ছে। এলাকাবাসী এ উদ্যোগকে স্বাগত জানিয়েছেন।

রাউজানে তৈয়্যবীয়া স্মৃতি মেধাবৃত্তি পরীক্ষার পুরস্কার বিতরণী অনুষ্ঠিত
রাউজান চট্টগ্রাম প্রতিনিধি

রাউজানের স্বনামধন্য সামাজিক সংগঠন গহিরা হিংলা তৈয়্যবীয়া স্মৃতি সংসদের উদ্যোগে আয়োজিত মেধাবৃত্তি পরীক্ষার পুরস্কার বিতরণী অনুষ্ঠান সম্পন্ন হয়েছে।

তিনি আরও বলেন, এ বিষয়ে দ্রুত পদক্ষেপ গ্রহণ করা হবে। স্থানীয় প্রশাসনের সঙ্গে সমন্বয় করে কাজ চলছে। জনসাধারণকে সচেতন থাকার আহ্বান জানানো হয়েছে। সংশ্লিষ্ট কর্মকর্তারা জানান, পরিস্থিতি পর্যবেক্ষণ করা হচ্ছে এবং প্রয়োজনীয় ব্যবস্থা নেওয়া হচ্ছে। এলাকাবাসী এ উদ্যোগকে স্বাগত জানিয়েছেন।

তিনি আরও বলেন, এ বিষয়ে দ্রুত পদক্ষেপ গ্রহণ করা হবে। স্থানীয় প্রশাসনের সঙ্গে সমন্বয় করে কাজ চলছে। জনসাধারণকে সচেতন থাকার আহ্বান জানানো হয়েছে। সংশ্লিষ্ট কর্মকর্তারা জানান, পরিস্থিতি পর্যবেক্ষণ করা হচ্ছে এবং প্রয়োজনীয় ব্যবস্থা নেওয়া হচ্ছে। এলাকাবাসী এ উদ্যোগকে স্বাগত জানিয়েছেন।

তিনি আরও বলেন, এ বিষয়ে দ্রুত পদক্ষেপ গ্রহণ করা হবে। স্থানীয় প্রশাসনের সঙ্গে সমন্বয় করে কাজ চলছে। জনসাধারণকে সচেতন থাকার আহ্বান জানানো হয়েছে। সংশ্লিষ্ট কর্মকর্তারা জানান, পরিস্থিতি পর্যবেক্ষণ করা হচ্ছে এবং প্রয়োজনীয় ব্যবস্থা নেওয়া হচ্ছে। এলাকাবাসী এ উদ্যোগকে স্বাগত জানিয়েছেন।

তিনি আরও বলেন, এ বিষয়ে দ্রুত পদক্ষেপ গ্রহণ করা হবে। স্থানীয় প্রশাসনের সঙ্গে সমন্বয় করে কাজ চলছে। জনসাধারণকে সচেতন থাকার আহ্বান জানানো হয়েছে। সংশ্লিষ্ট কর্মকর্তারা জানান, পরিস্থিতি পর্যবেক্ষণ করা হচ্ছে এবং প্রয়োজনীয় ব্যবস্থা নেওয়া হচ্ছে। এলাকাবাসী এ উদ্যোগকে স্বাগত জানিয়েছেন।

তিনি আরও বলেন, এ বিষয়ে দ্রুত পদক্ষেপ গ্রহণ করা হবে। স্থানীয় প্রশাসনের সঙ্গে সমন্বয় করে কাজ চলছে। জনসাধারণকে সচেতন থাকার আহ্বান জানানো হয়েছে। সংশ্লিষ্ট কর্মকর্তারা জানান, পরিস্থিতি পর্যবেক্ষণ করা হচ্ছে এবং প্রয়োজনীয় ব্যবস্থা নেওয়া হচ্ছে। এলাকাবাসী এ উদ্যোগকে স্বাগত জানিয়েছেন।

তিনি আরও বলেন, এ বিষয়ে দ্রুত পদক্ষেপ গ্রহণ করা হবে। স্থানীয় প্রশাসনের সঙ্গে সমন্বয় করে কাজ চলছে। জনসাধারণকে সচেতন থাকার আহ্বান জানানো হয়েছে। সংশ্লিষ্ট কর্মকর্তারা জানান, পরিস্থিতি পর্যবেক্ষণ করা হচ্ছে এবং প্রয়োজনীয় ব্যবস্থা নেওয়া হচ্ছে। এলাকাবাসী এ উদ্যোগকে স্বাগত জানিয়েছেন।

মাগুরায় সেনাবাহিনীর অভিযানে

গাইপ গান, ৫টি আধুনিক ওয়ার্ডান, ৩টি চাইনিজ রাইফেল, ১২টি কার্তুজ, ৭৫টি তাজা অ্যামুনিশন, ১৫টি ককটেল উদ্ধার করা হয়েছে বলে জানানো হয়।

তিনি আরও বলেন, এ বিষয়ে দ্রুত পদক্ষেপ গ্রহণ করা হবে। স্থানীয় প্রশাসনের সঙ্গে সমন্বয় করে কাজ চলছে। জনসাধারণকে সচেতন থাকার আহ্বান জানানো হয়েছে। সংশ্লিষ্ট কর্মকর্তারা জানান, পরিস্থিতি পর্যবেক্ষণ করা হচ্ছে এবং প্রয়োজনীয় ব্যবস্থা নেওয়া হচ্ছে। এলাকাবাসী এ উদ্যোগকে স্বাগত জানিয়েছেন।

তিনি আরও বলেন, এ বিষয়ে দ্রুত পদক্ষেপ গ্রহণ করা হবে। স্থানীয় প্রশাসনের সঙ্গে সমন্বয় করে কাজ চলছে। জনসাধারণকে সচেতন থাকার আহ্বান জানানো হয়েছে। সংশ্লিষ্ট কর্মকর্তারা জানান, পরিস্থিতি পর্যবেক্ষণ করা হচ্ছে এবং প্রয়োজনীয় ব্যবস্থা নেওয়া হচ্ছে। এলাকাবাসী এ উদ্যোগকে স্বাগত জানিয়েছেন।

তিনি আরও বলেন, এ বিষয়ে দ্রুত পদক্ষেপ গ্রহণ করা হবে। স্থানীয় প্রশাসনের সঙ্গে সমন্বয় করে কাজ চলছে। জনসাধারণকে সচেতন থাকার আহ্বান জানানো হয়েছে। সংশ্লিষ্ট কর্মকর্তারা জানান, পরিস্থিতি পর্যবেক্ষণ করা হচ্ছে এবং প্রয়োজনীয় ব্যবস্থা নেওয়া হচ্ছে। এলাকাবাসী এ উদ্যোগকে স্বাগত জানিয়েছেন।
